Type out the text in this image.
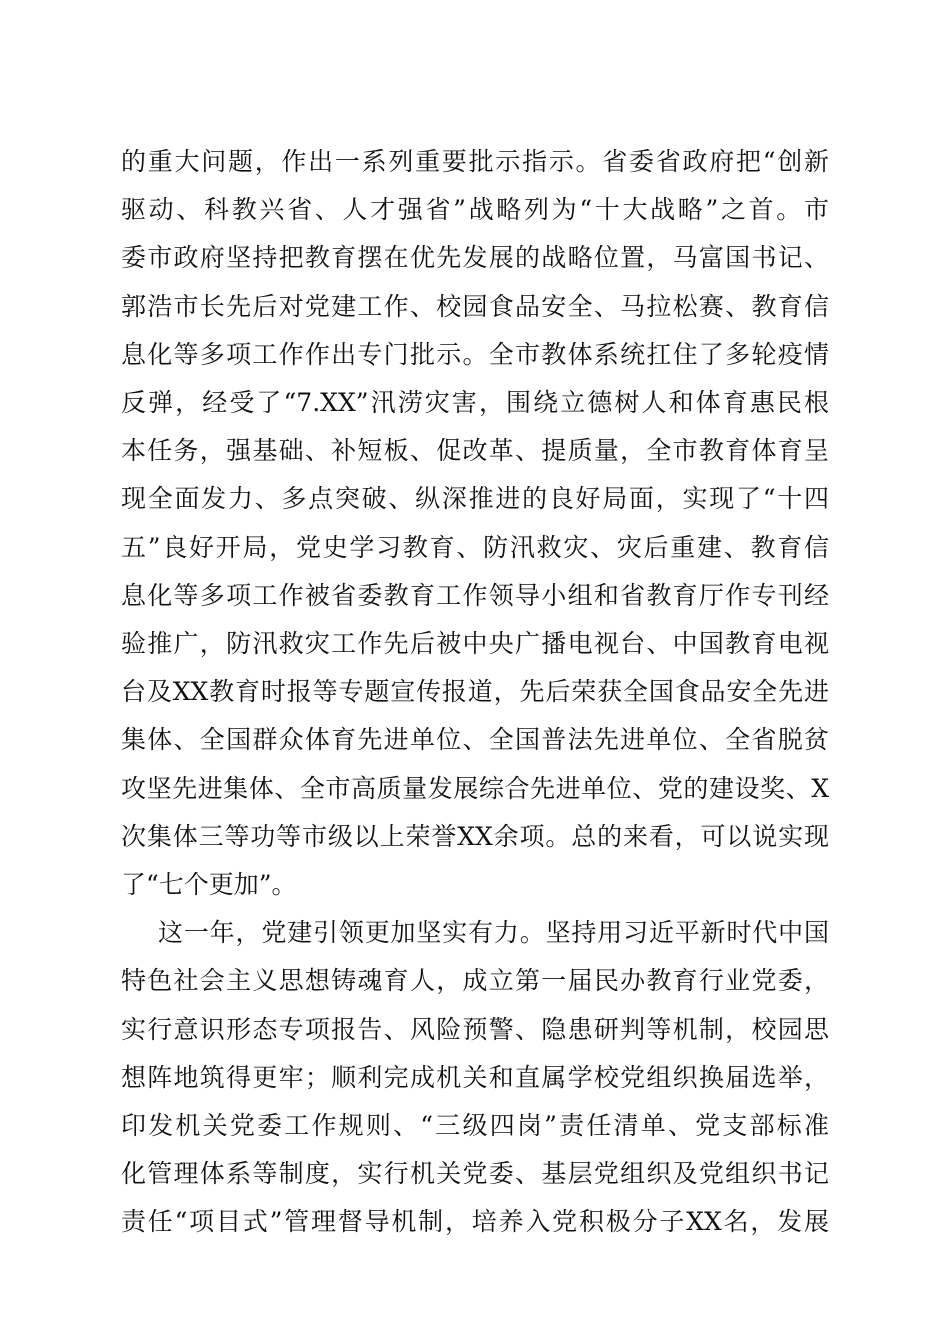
的重大问题，作出一系列重要批示指示。省委省政府把“创新
驱动、科教兴省、人才强省”战略列为“十大战略”之首。市
委市政府坚持把教育摆在优先发展的战略位置，马富国书记、
郭浩市长先后对党建工作、校园食品安全、马拉松赛、教育信
息化等多项工作作出专门批示。全市教体系统扛住了多轮疫情
反弹，经受了“7.XX”汛涝灾害，围绕立德树人和体育惠民根
本任务，强基础、补短板、促改革、提质量，全市教育体育呈
现全面发力、多点突破、纵深推进的良好局面，实现了“十四
五”良好开局，党史学习教育、防汛救灾、灾后重建、教育信
息化等多项工作被省委教育工作领导小组和省教育厅作专刊经
验推广，防汛救灾工作先后被中央广播电视台、中国教育电视
台及XX教育时报等专题宣传报道，先后荣获全国食品安全先进
集体、全国群众体育先进单位、全国普法先进单位、全省脱贫
攻坚先进集体、全市高质量发展综合先进单位、党的建设奖、X
次集体三等功等市级以上荣誉XX余项。总的来看，可以说实现
了“七个更加”。
这一年，党建引领更加坚实有力。坚持用习近平新时代中国
特色社会主义思想铸魂育人，成立第一届民办教育行业党委，
实行意识形态专项报告、风险预警、隐患研判等机制，校园思
想阵地筑得更牢；顺利完成机关和直属学校党组织换届选举，
印发机关党委工作规则、“三级四岗”责任清单、党支部标准
化管理体系等制度，实行机关党委、基层党组织及党组织书记
责任“项目式”管理督导机制，培养入党积极分子XX名，发展
